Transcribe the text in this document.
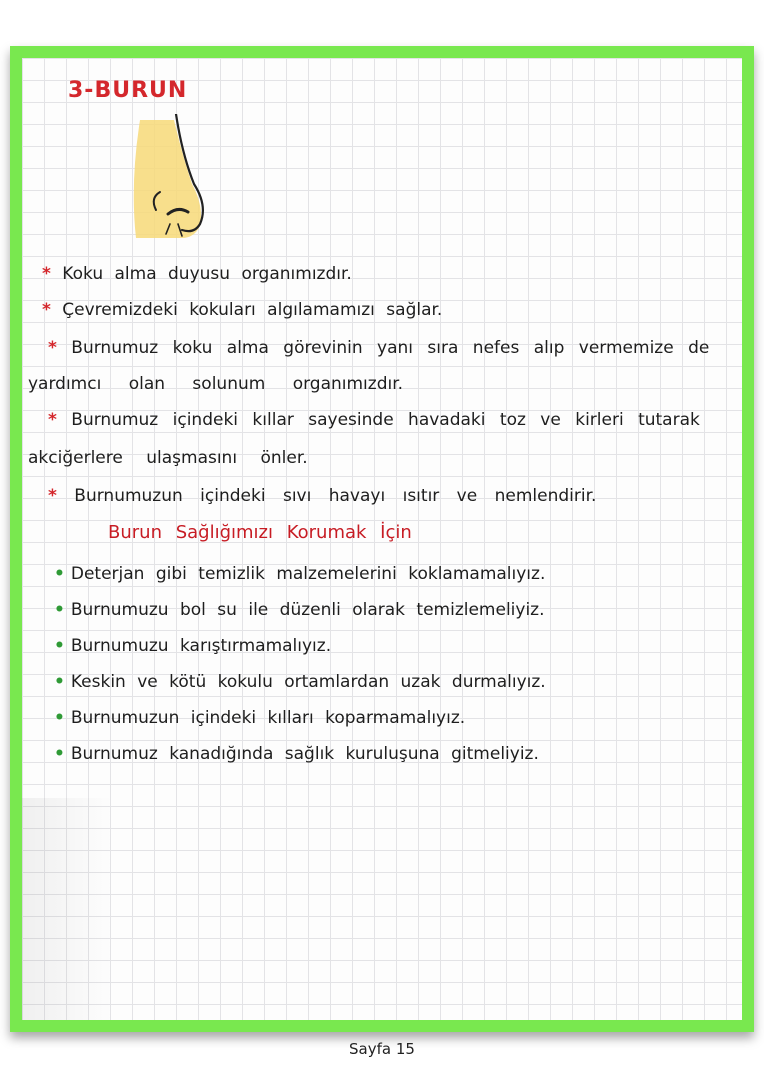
3-BURUN
* Koku alma duyusu organımızdır.
* Çevremizdeki kokuları algılamamızı sağlar.
* Burnumuz koku alma görevinin yanı sıra nefes alıp vermemize de
yardımcı olan solunum organımızdır.
* Burnumuz içindeki kıllar sayesinde havadaki toz ve kirleri tutarak
akciğerlere ulaşmasını önler.
* Burnumuzun içindeki sıvı havayı ısıtır ve nemlendirir.
Burun Sağlığımızı Korumak İçin
• Deterjan gibi temizlik malzemelerini koklamamalıyız.
• Burnumuzu bol su ile düzenli olarak temizlemeliyiz.
• Burnumuzu karıştırmamalıyız.
• Keskin ve kötü kokulu ortamlardan uzak durmalıyız.
• Burnumuzun içindeki kılları koparmamalıyız.
• Burnumuz kanadığında sağlık kuruluşuna gitmeliyiz.
Sayfa 15
